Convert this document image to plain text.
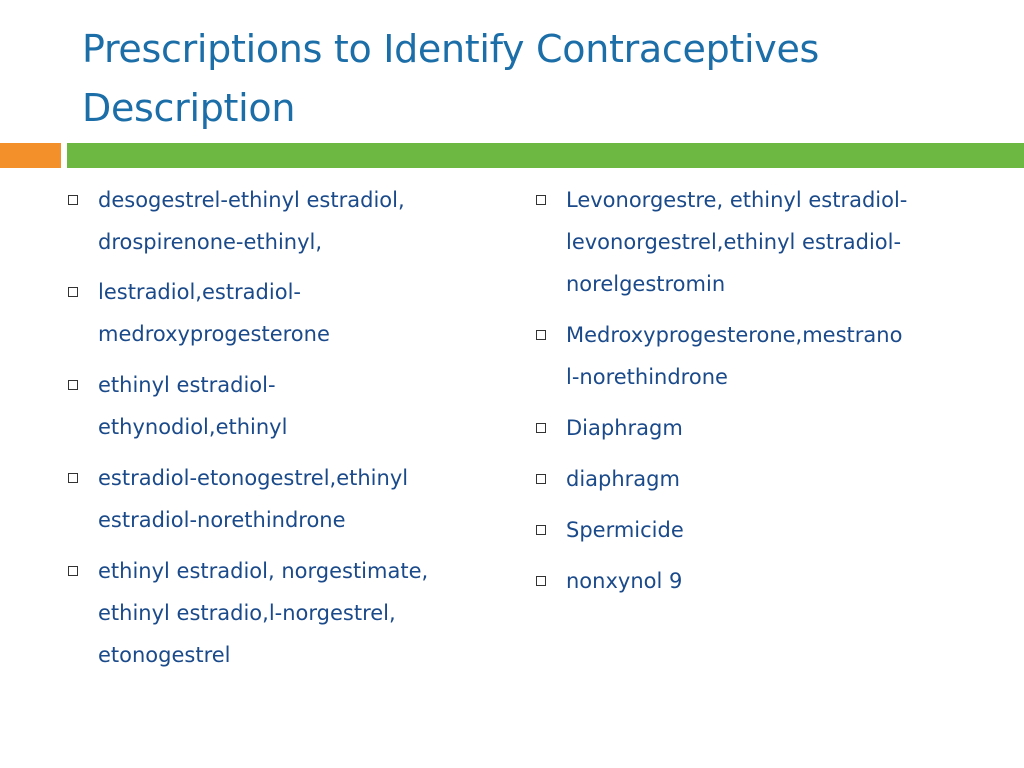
Prescriptions to Identify Contraceptives
Description
desogestrel-ethinyl estradiol,
drospirenone-ethinyl,
lestradiol,estradiol-
medroxyprogesterone
ethinyl estradiol-
ethynodiol,ethinyl
estradiol-etonogestrel,ethinyl
estradiol-norethindrone
ethinyl estradiol, norgestimate,
ethinyl estradio,l-norgestrel,
etonogestrel
Levonorgestre, ethinyl estradiol-
levonorgestrel,ethinyl estradiol-
norelgestromin
Medroxyprogesterone,mestrano
l-norethindrone
Diaphragm
diaphragm
Spermicide
nonxynol 9
